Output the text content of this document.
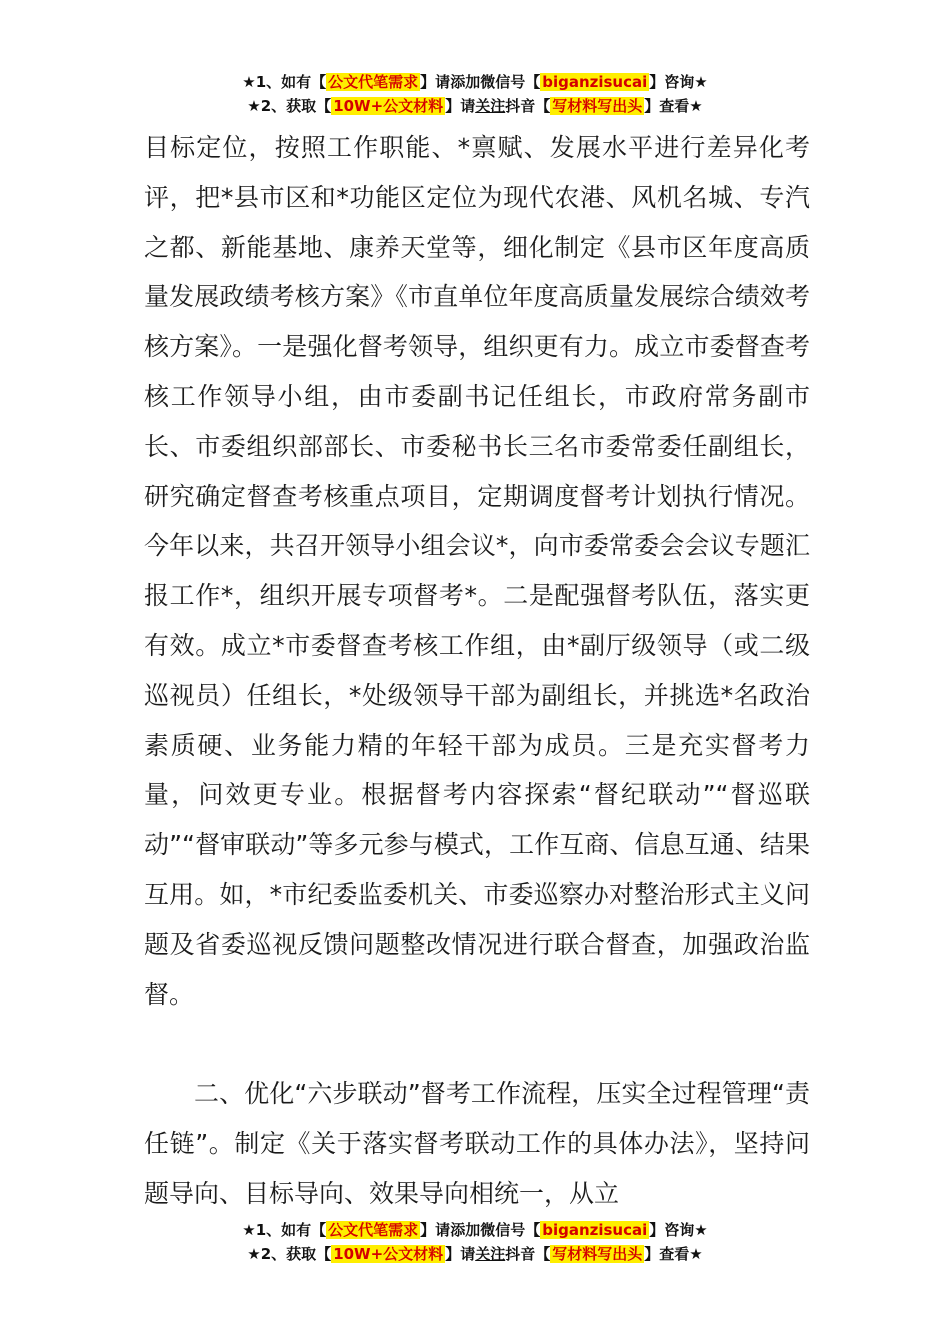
★1、如有【 公文代笔需求 】请添加微信号【 biganzisucai 】咨询★
★2、获取【 10W+公文材料 】请关注抖音【 写材料写出头 】查看★

目标定位，按照工作职能、*禀赋、发展水平进行差异化考评，把*县市区和*功能区定位为现代农港、风机名城、专汽之都、新能基地、康养天堂等，细化制定《县市区年度高质量发展政绩考核方案》《市直单位年度高质量发展综合绩效考核方案》。一是强化督考领导，组织更有力。成立市委督查考核工作领导小组，由市委副书记任组长，市政府常务副市长、市委组织部部长、市委秘书长三名市委常委任副组长，研究确定督查考核重点项目，定期调度督考计划执行情况。今年以来，共召开领导小组会议*，向市委常委会会议专题汇报工作*，组织开展专项督考*。二是配强督考队伍，落实更有效。成立*市委督查考核工作组，由*副厅级领导（或二级巡视员）任组长，*处级领导干部为副组长，并挑选*名政治素质硬、业务能力精的年轻干部为成员。三是充实督考力量，问效更专业。根据督考内容探索“督纪联动”“督巡联动”“督审联动”等多元参与模式，工作互商、信息互通、结果互用。如，*市纪委监委机关、市委巡察办对整治形式主义问题及省委巡视反馈问题整改情况进行联合督查，加强政治监督。

二、优化“六步联动”督考工作流程，压实全过程管理“责任链”。制定《关于落实督考联动工作的具体办法》，坚持问题导向、目标导向、效果导向相统一，从立

★1、如有【 公文代笔需求 】请添加微信号【 biganzisucai 】咨询★
★2、获取【 10W+公文材料 】请关注抖音【 写材料写出头 】查看★
